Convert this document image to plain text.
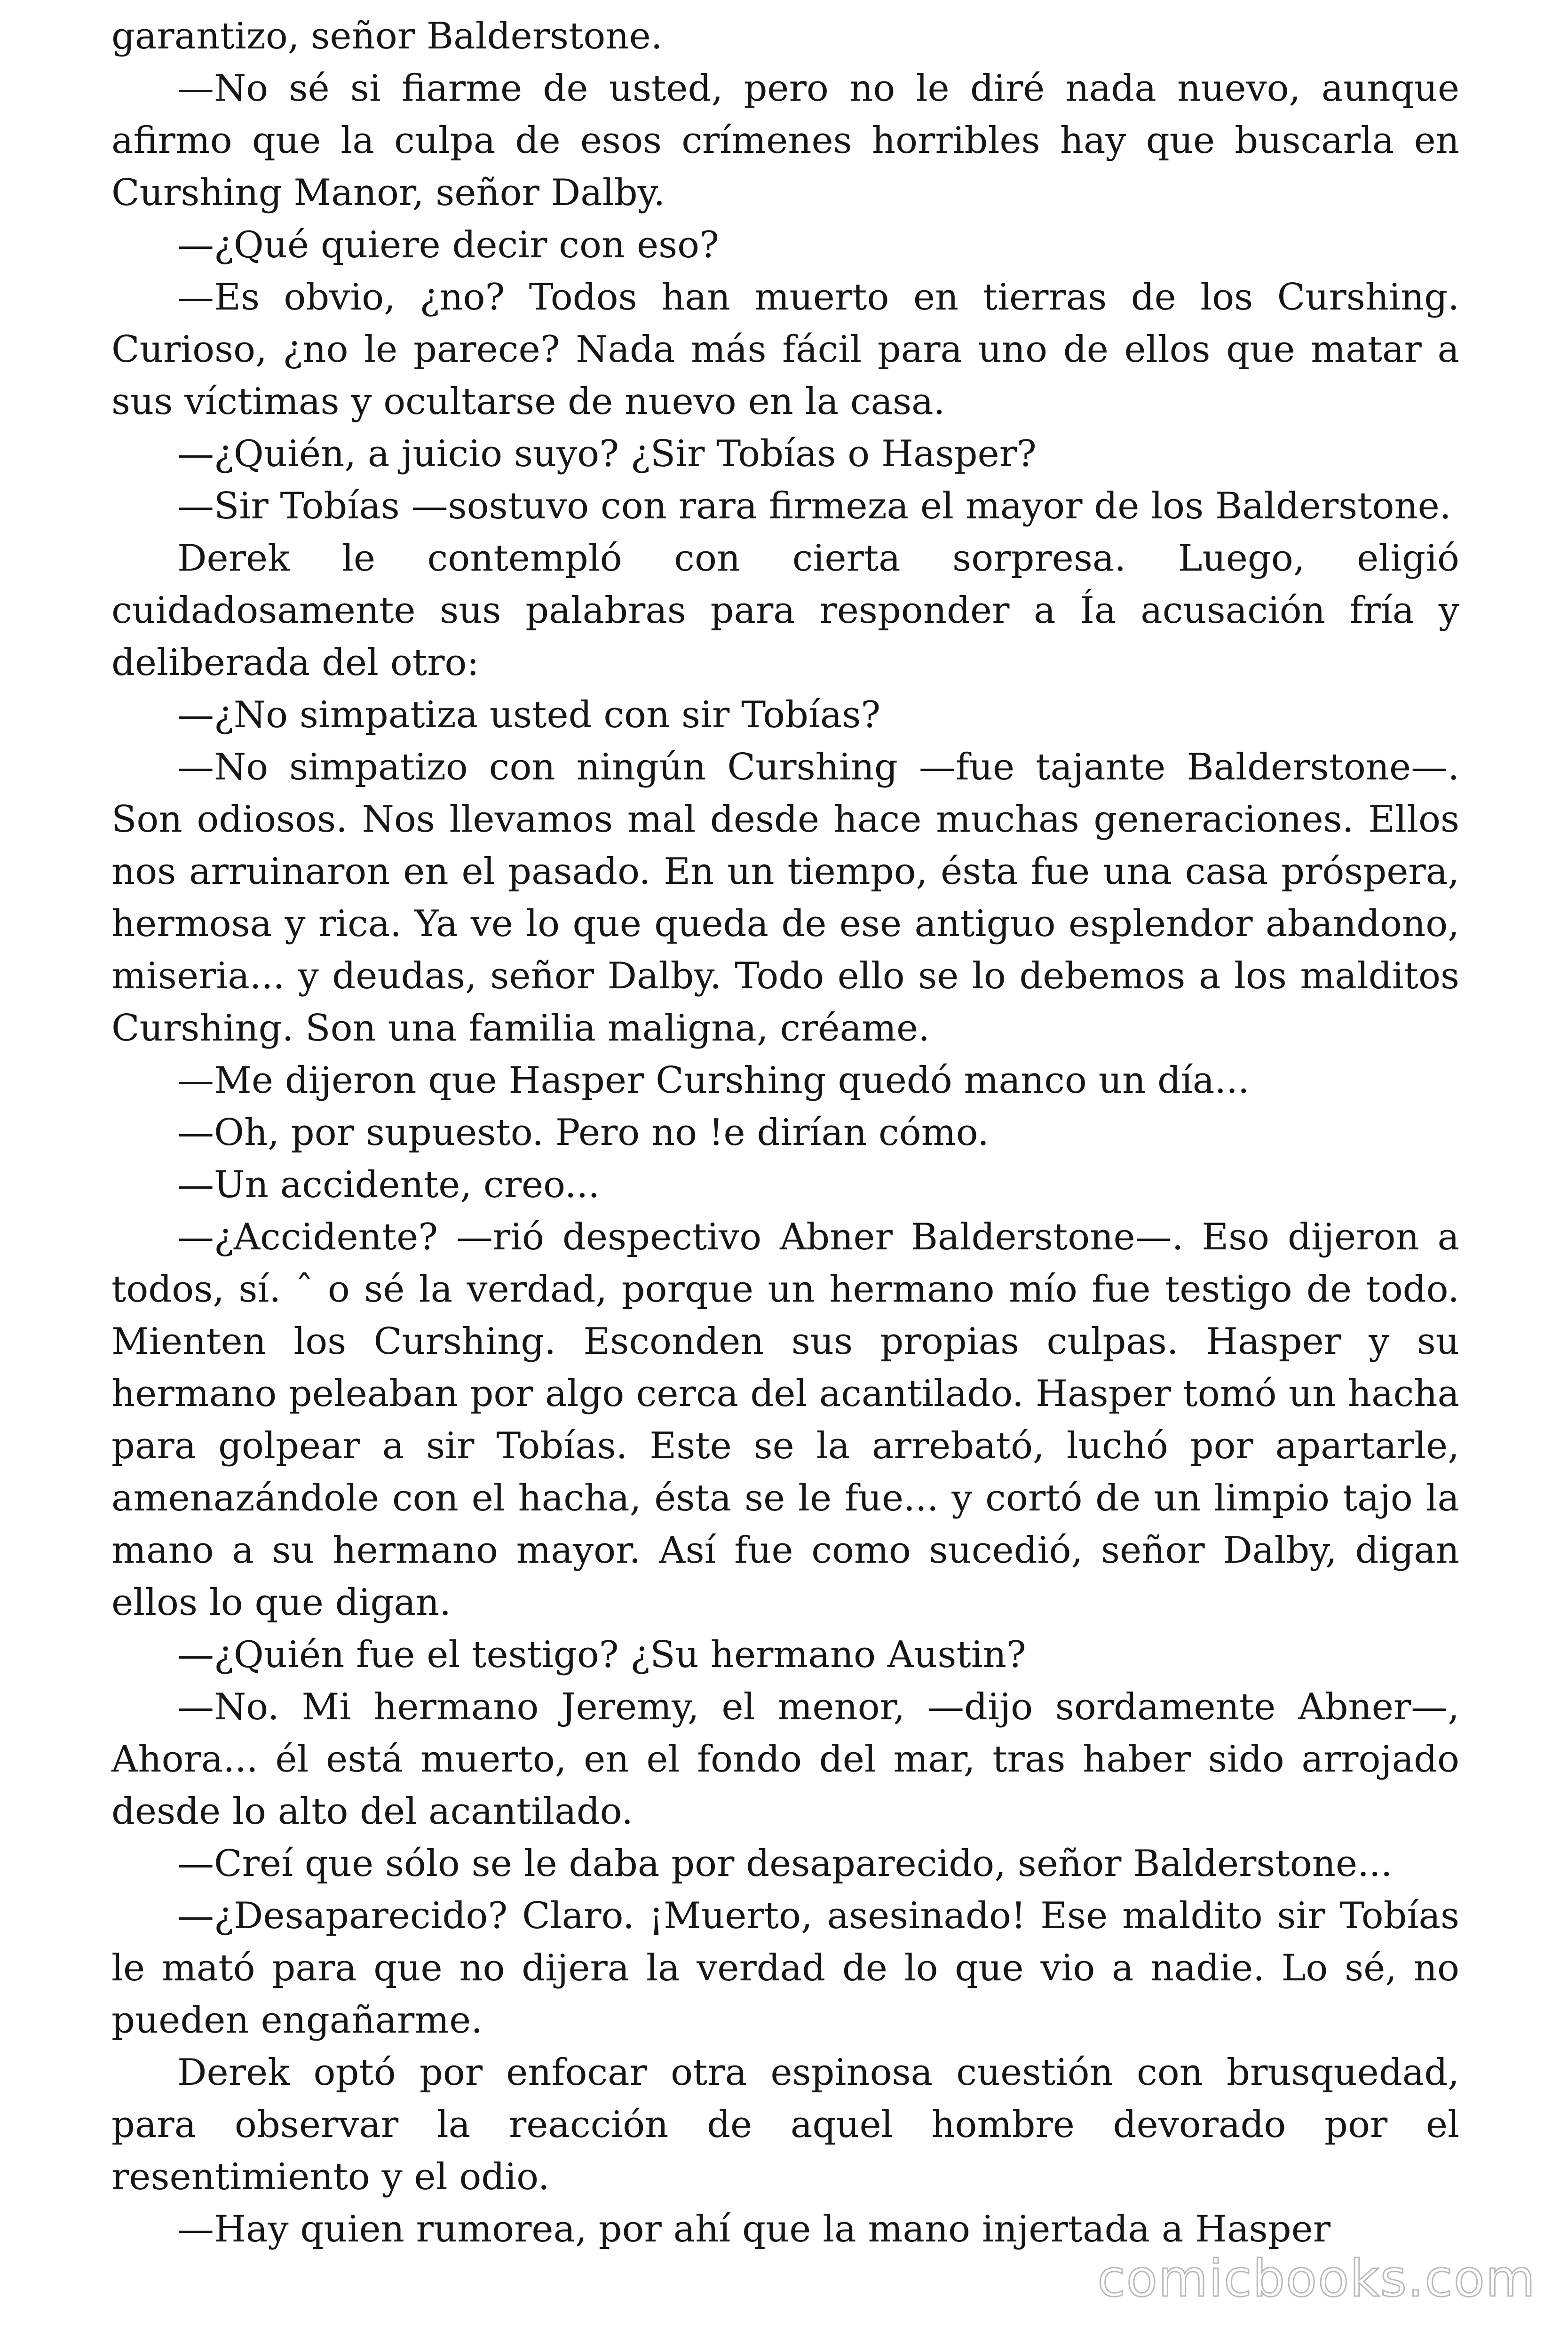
garantizo, señor Balderstone.

—No sé si fiarme de usted, pero no le diré nada nuevo, aunque afirmo que la culpa de esos crímenes horribles hay que buscarla en Curshing Manor, señor Dalby.

—¿Qué quiere decir con eso?

—Es obvio, ¿no? Todos han muerto en tierras de los Curshing. Curioso, ¿no le parece? Nada más fácil para uno de ellos que matar a sus víctimas y ocultarse de nuevo en la casa.

—¿Quién, a juicio suyo? ¿Sir Tobías o Hasper?

—Sir Tobías —sostuvo con rara firmeza el mayor de los Balderstone.

Derek le contempló con cierta sorpresa. Luego, eligió cuidadosamente sus palabras para responder a Ía acusación fría y deliberada del otro:

—¿No simpatiza usted con sir Tobías?

—No simpatizo con ningún Curshing —fue tajante Balderstone—. Son odiosos. Nos llevamos mal desde hace muchas generaciones. Ellos nos arruinaron en el pasado. En un tiempo, ésta fue una casa próspera, hermosa y rica. Ya ve lo que queda de ese antiguo esplendor abandono, miseria... y deudas, señor Dalby. Todo ello se lo debemos a los malditos Curshing. Son una familia maligna, créame.

—Me dijeron que Hasper Curshing quedó manco un día...

—Oh, por supuesto. Pero no !e dirían cómo.

—Un accidente, creo...

—¿Accidente? —rió despectivo Abner Balderstone—. Eso dijeron a todos, sí. ˆ o sé la verdad, porque un hermano mío fue testigo de todo. Mienten los Curshing. Esconden sus propias culpas. Hasper y su hermano peleaban por algo cerca del acantilado. Hasper tomó un hacha para golpear a sir Tobías. Este se la arrebató, luchó por apartarle, amenazándole con el hacha, ésta se le fue... y cortó de un limpio tajo la mano a su hermano mayor. Así fue como sucedió, señor Dalby, digan ellos lo que digan.

—¿Quién fue el testigo? ¿Su hermano Austin?

—No. Mi hermano Jeremy, el menor, —dijo sordamente Abner—, Ahora... él está muerto, en el fondo del mar, tras haber sido arrojado desde lo alto del acantilado.

—Creí que sólo se le daba por desaparecido, señor Balderstone...

—¿Desaparecido? Claro. ¡Muerto, asesinado! Ese maldito sir Tobías le mató para que no dijera la verdad de lo que vio a nadie. Lo sé, no pueden engañarme.

Derek optó por enfocar otra espinosa cuestión con brusquedad, para observar la reacción de aquel hombre devorado por el resentimiento y el odio.

—Hay quien rumorea, por ahí que la mano injertada a Hasper

comicbooks.com
